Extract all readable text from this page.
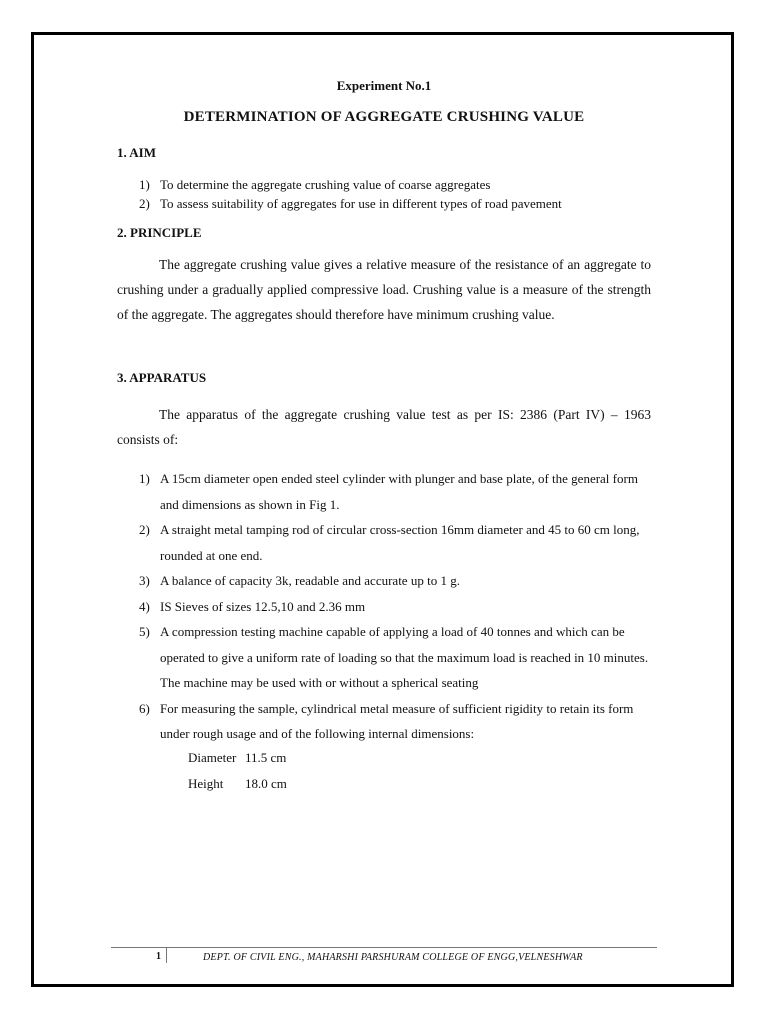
Experiment No.1
DETERMINATION OF AGGREGATE CRUSHING VALUE
1. AIM
1) To determine the aggregate crushing value of coarse aggregates
2) To assess suitability of aggregates for use in different types of road pavement
2. PRINCIPLE

The aggregate crushing value gives a relative measure of the resistance of an aggregate to crushing under a gradually applied compressive load. Crushing value is a measure of the strength of the aggregate. The aggregates should therefore have minimum crushing value.

3. APPARATUS

The apparatus of the aggregate crushing value test as per IS: 2386 (Part IV) – 1963 consists of:

1) A 15cm diameter open ended steel cylinder with plunger and base plate, of the general form and dimensions as shown in Fig 1.
2) A straight metal tamping rod of circular cross-section 16mm diameter and 45 to 60 cm long, rounded at one end.
3) A balance of capacity 3k, readable and accurate up to 1 g.
4) IS Sieves of sizes 12.5,10 and 2.36 mm
5) A compression testing machine capable of applying a load of 40 tonnes and which can be operated to give a uniform rate of loading so that the maximum load is reached in 10 minutes. The machine may be used with or without a spherical seating
6) For measuring the sample, cylindrical metal measure of sufficient rigidity to retain its form under rough usage and of the following internal dimensions:
Diameter 11.5 cm
Height 18.0 cm
1	DEPT. OF CIVIL ENG., MAHARSHI PARSHURAM COLLEGE OF ENGG,VELNESHWAR
